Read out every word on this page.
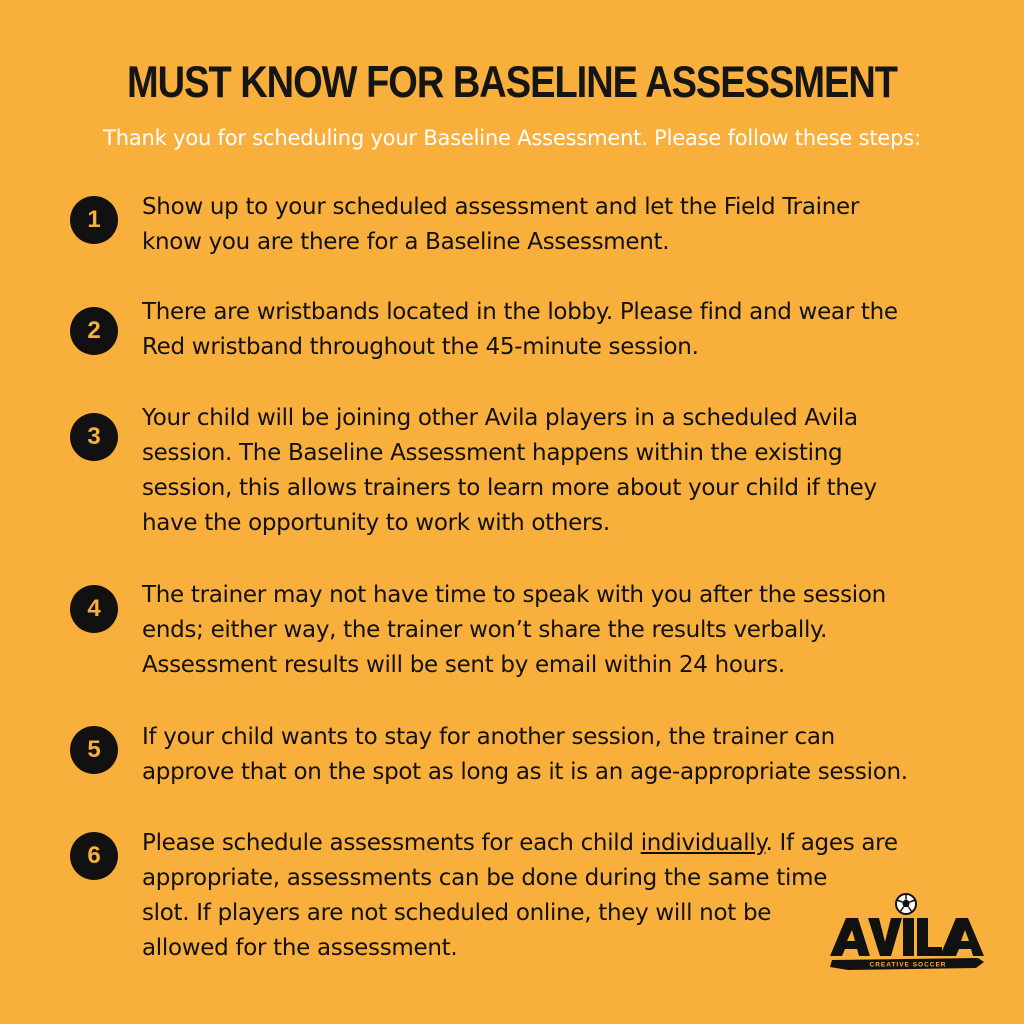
MUST KNOW FOR BASELINE ASSESSMENT
Thank you for scheduling your Baseline Assessment. Please follow these steps:
1	Show up to your scheduled assessment and let the Field Trainer
know you are there for a Baseline Assessment.
2
There are wristbands located in the lobby. Please find and wear the
Red wristband throughout the 45-minute session.
3
Your child will be joining other Avila players in a scheduled Avila
session. The Baseline Assessment happens within the existing
session, this allows trainers to learn more about your child if they
have the opportunity to work with others.
4	The trainer may not have time to speak with you after the session
ends; either way, the trainer won’t share the results verbally.
Assessment results will be sent by email within 24 hours.
5	If your child wants to stay for another session, the trainer can
approve that on the spot as long as it is an age-appropriate session.
6	Please schedule assessments for each child individually. If ages are
appropriate, assessments can be done during the same time
slot. If players are not scheduled online, they will not be
allowed for the assessment.
CREATIVE SOCCER
